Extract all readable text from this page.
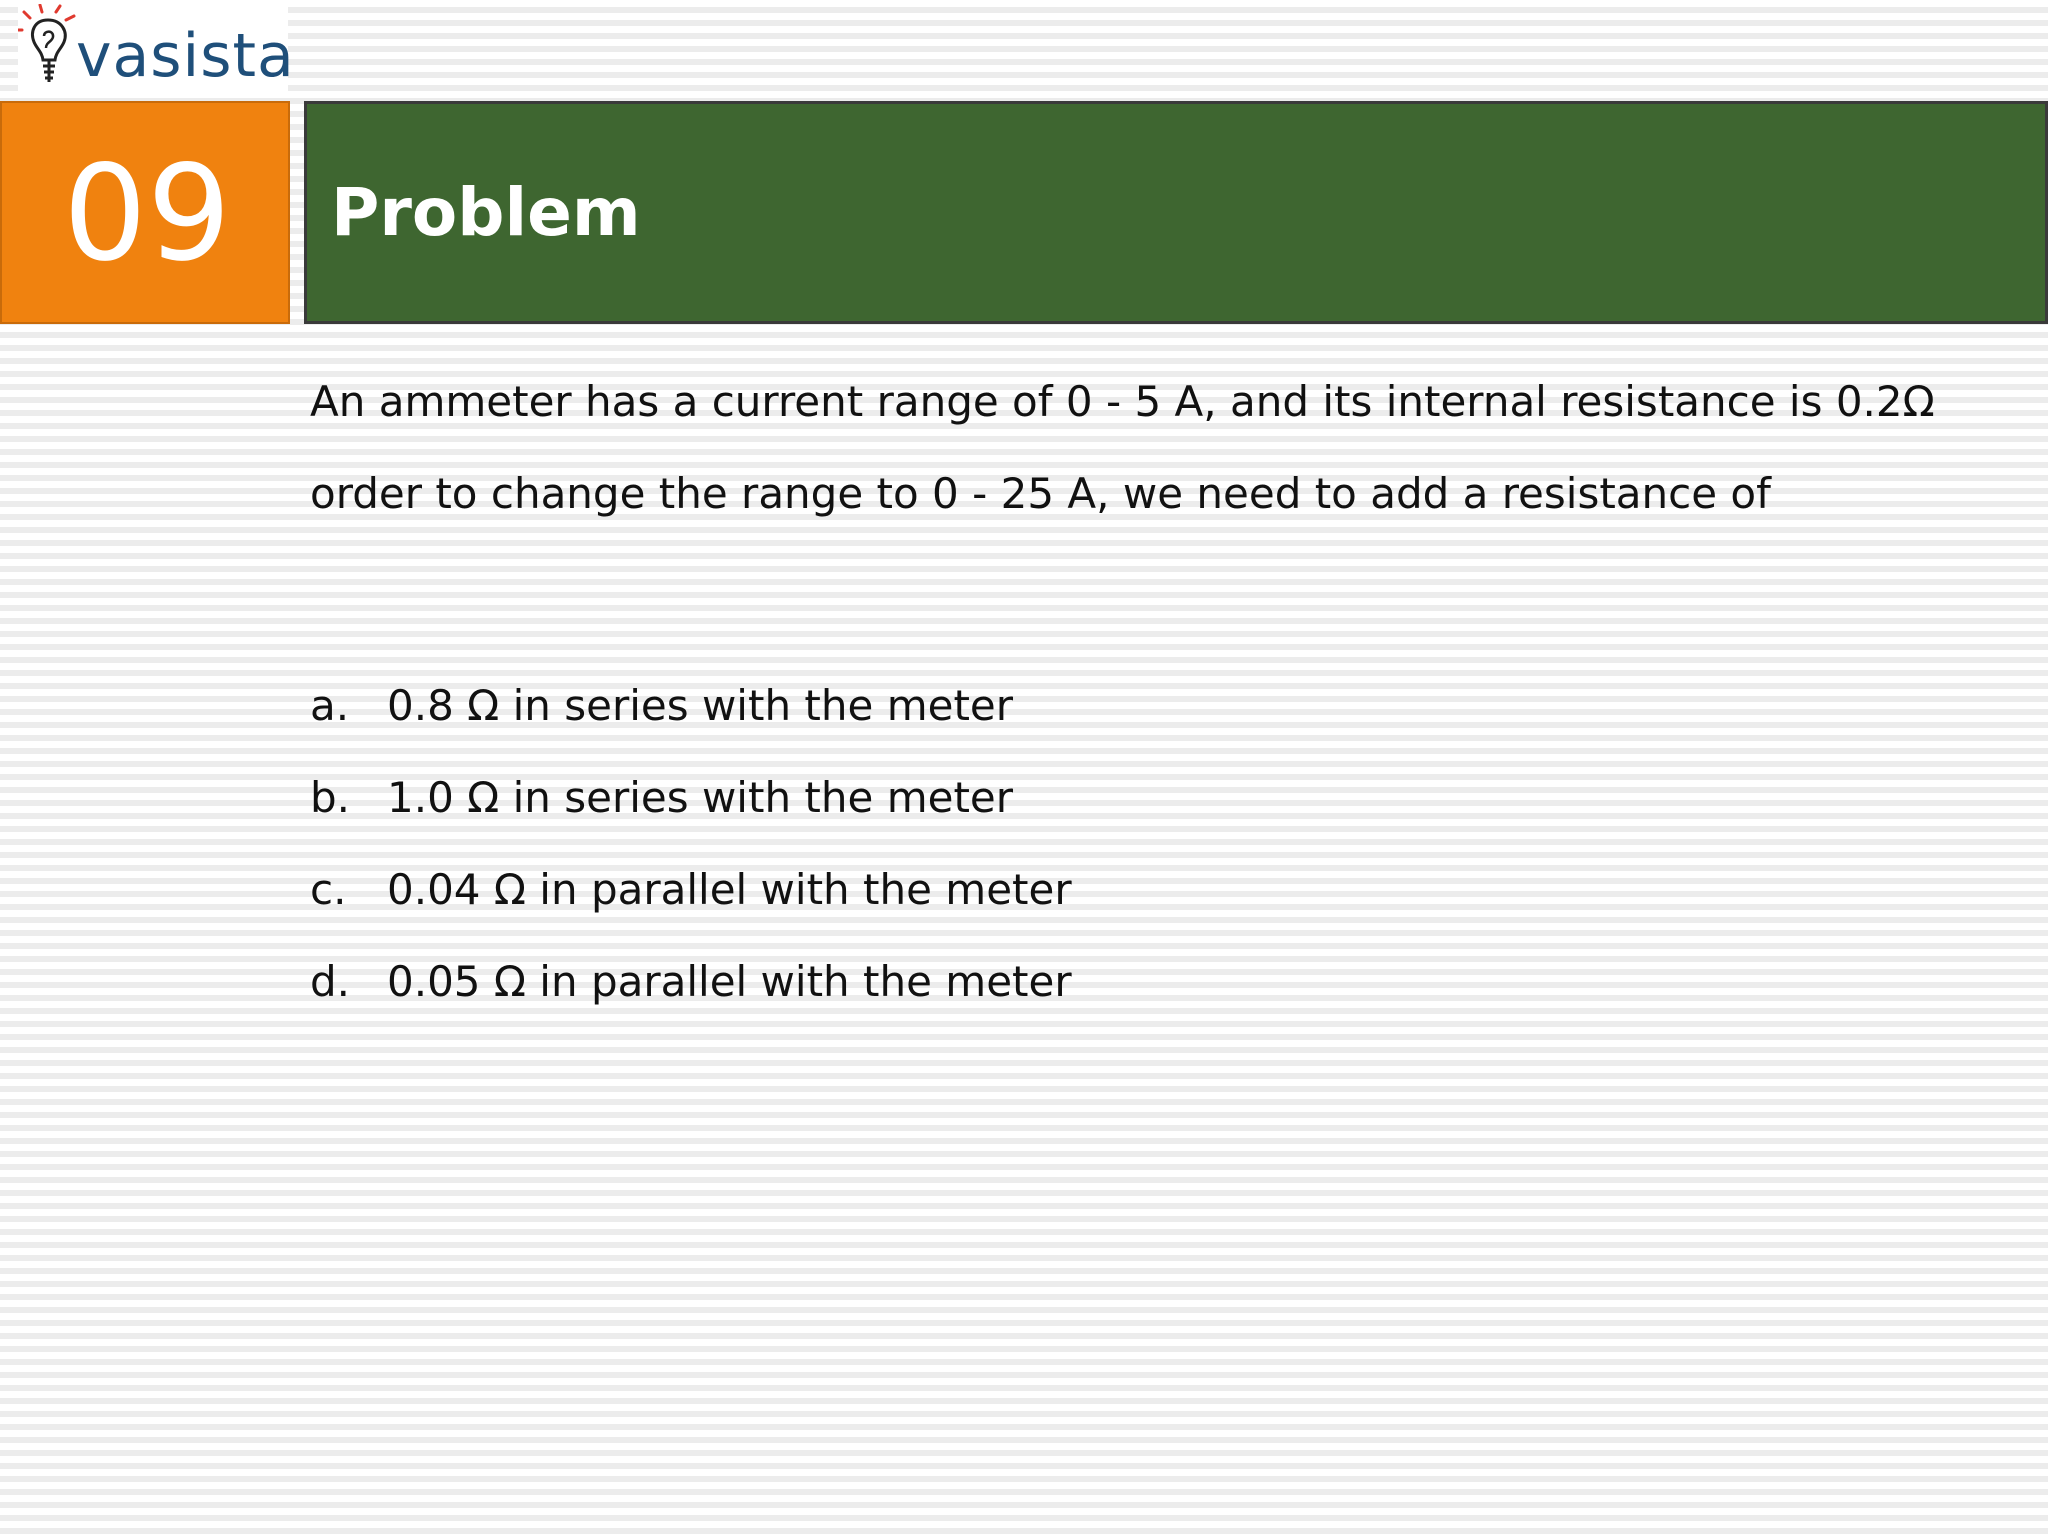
vasista
09	Problem
An ammeter has a current range of 0 - 5 A, and its internal resistance is 0.2Ω
order to change the range to 0 - 25 A, we need to add a resistance of
a. 0.8 Ω in series with the meter
b. 1.0 Ω in series with the meter
c. 0.04 Ω in parallel with the meter
d. 0.05 Ω in parallel with the meter
